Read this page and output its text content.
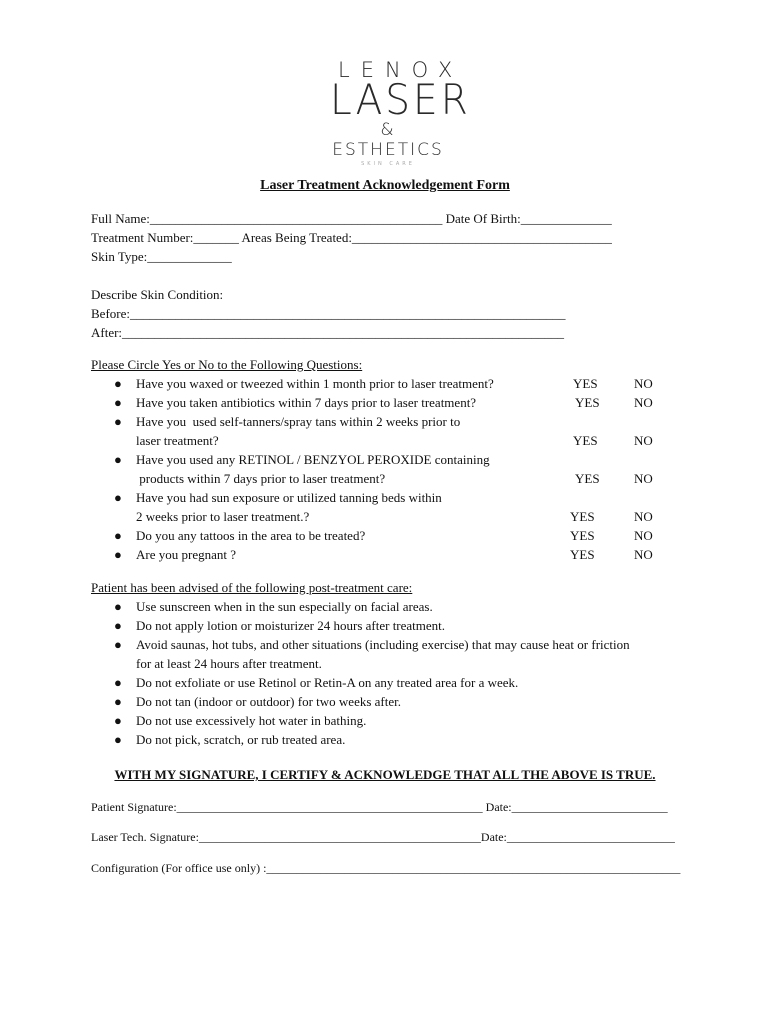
LENOX
LASER
& ESTHETICS
SKIN CARE
Laser Treatment Acknowledgement Form
Full Name:_____________________________________________ Date Of Birth:______________
Treatment Number:_______ Areas Being Treated:________________________________________
Skin Type:_____________
Describe Skin Condition:
Before:___________________________________________________________________
After:____________________________________________________________________
Please Circle Yes or No to the Following Questions:
● Have you waxed or tweezed within 1 month prior to laser treatment?	YES	NO
● Have you taken antibiotics within 7 days prior to laser treatment?	YES	NO
● Have you  used self-tanners/spray tans within 2 weeks prior to
laser treatment?	YES	NO
● Have you used any RETINOL / BENZYOL PEROXIDE containing
products within 7 days prior to laser treatment?	YES	NO
● Have you had sun exposure or utilized tanning beds within
2 weeks prior to laser treatment.?	YES	NO
● Do you any tattoos in the area to be treated?	YES	NO
● Are you pregnant ?	YES	NO
Patient has been advised of the following post-treatment care:
● Use sunscreen when in the sun especially on facial areas.
● Do not apply lotion or moisturizer 24 hours after treatment.
● Avoid saunas, hot tubs, and other situations (including exercise) that may cause heat or friction
for at least 24 hours after treatment.
● Do not exfoliate or use Retinol or Retin-A on any treated area for a week.
● Do not tan (indoor or outdoor) for two weeks after.
● Do not use excessively hot water in bathing.
● Do not pick, scratch, or rub treated area.
WITH MY SIGNATURE, I CERTIFY & ACKNOWLEDGE THAT ALL THE ABOVE IS TRUE.
Patient Signature:___________________________________________________ Date:__________________________
Laser Tech. Signature:_______________________________________________Date:____________________________
Configuration (For office use only) :_____________________________________________________________________
